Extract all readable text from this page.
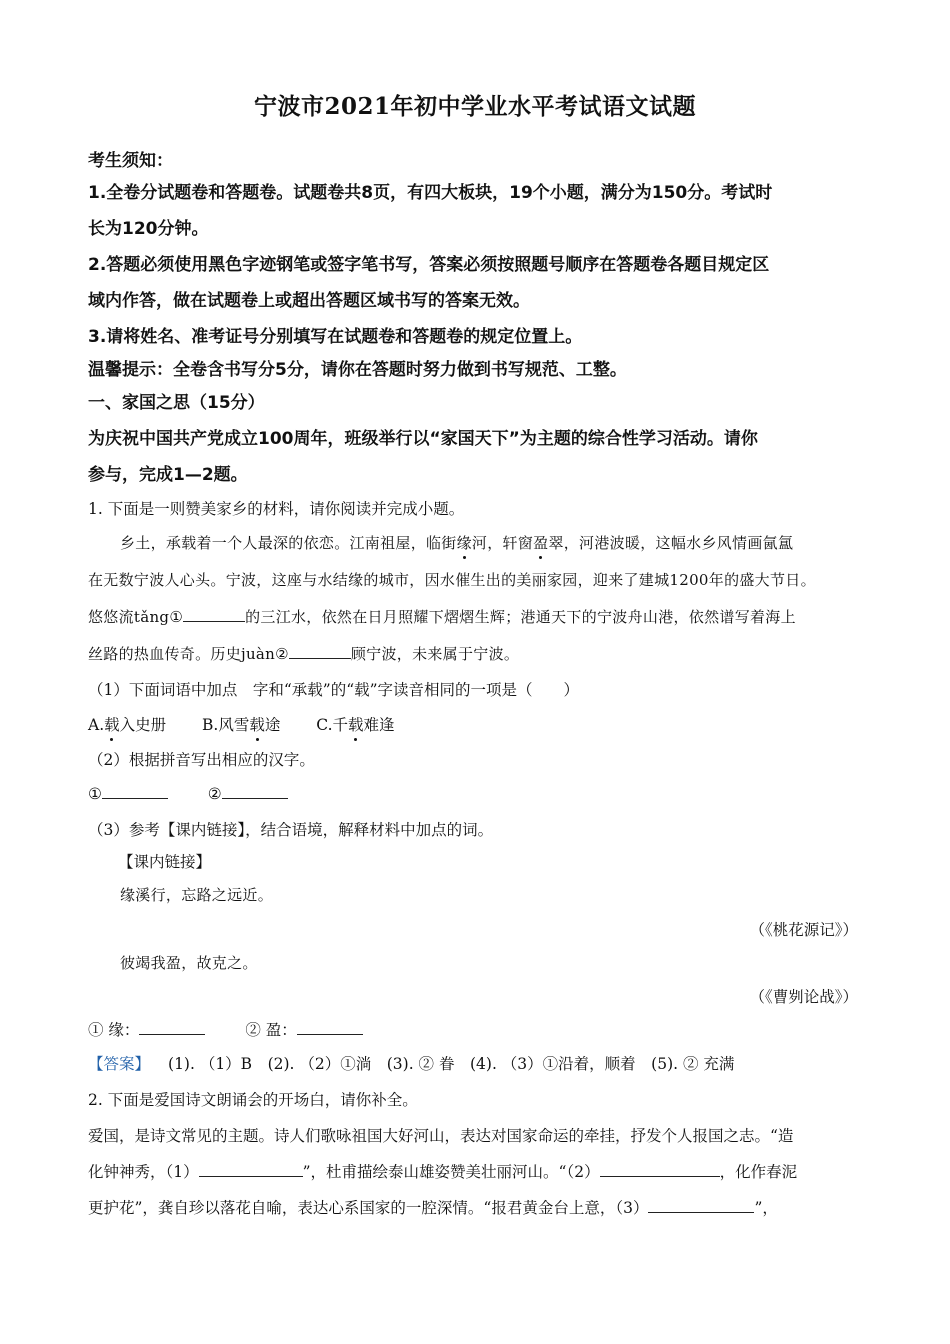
宁波市2021年初中学业水平考试语文试题
考生须知：
1.全卷分试题卷和答题卷。试题卷共8页，有四大板块，19个小题，满分为150分。考试时
长为120分钟。
2.答题必须使用黑色字迹钢笔或签字笔书写，答案必须按照题号顺序在答题卷各题目规定区
域内作答，做在试题卷上或超出答题区域书写的答案无效。
3.请将姓名、准考证号分别填写在试题卷和答题卷的规定位置上。
温馨提示：全卷含书写分5分，请你在答题时努力做到书写规范、工整。
一、家国之思（15分）
为庆祝中国共产党成立100周年，班级举行以“家国天下”为主题的综合性学习活动。请你
参与，完成1—2题。
1. 下面是一则赞美家乡的材料，请你阅读并完成小题。
乡土，承载着一个人最深的依恋。江南祖屋，临街缘河，轩窗盈翠，河港波暖，这幅水乡风情画氤氲
在无数宁波人心头。宁波，这座与水结缘的城市，因水催生出的美丽家园，迎来了建城1200年的盛大节日。
悠悠流tǎng①	的三江水，依然在日月照耀下熠熠生辉；港通天下的宁波舟山港，依然谱写着海上
丝路的热血传奇。历史juàn②	顾宁波，未来属于宁波。
（1）下面词语中加点　字和“承载”的“载”字读音相同的一项是（　　）
A.载入史册 B.风雪载途 C.千载难逢
（2）根据拼音写出相应的汉字。
①	②
（3）参考【课内链接】，结合语境，解释材料中加点的词。
【课内链接】
缘溪行，忘路之远近。
（《桃花源记》）
彼竭我盈，故克之。
（《曹刿论战》）
① 缘：	② 盈：
【答案】 (1). （1）B　(2). （2）①淌　(3). ② 眷　(4). （3）①沿着，顺着　(5). ② 充满
2. 下面是爱国诗文朗诵会的开场白，请你补全。
爱国，是诗文常见的主题。诗人们歌咏祖国大好河山，表达对国家命运的牵挂，抒发个人报国之志。“造
化钟神秀，（1）	”，杜甫描绘泰山雄姿赞美壮丽河山。“（2）	，化作春泥
更护花”，龚自珍以落花自喻，表达心系国家的一腔深情。“报君黄金台上意，（3）	”，
